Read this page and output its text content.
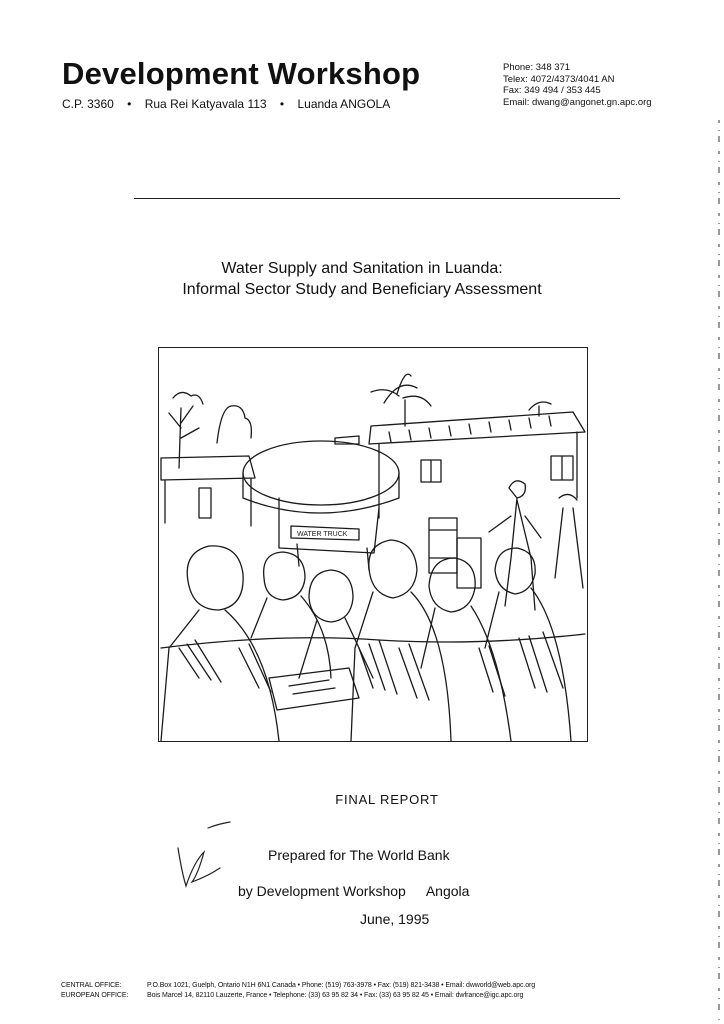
Development Workshop
C.P. 3360 • Rua Rei Katyavala 113 • Luanda ANGOLA
Phone: 348 371
Telex: 4072/4373/4041 AN
Fax: 349 494 / 353 445
Email: dwang@angonet.gn.apc.org
Water Supply and Sanitation in Luanda:
Informal Sector Study and Beneficiary Assessment
WATER TRUCK
FINAL REPORT
Prepared for The World Bank
by Development Workshop Angola
June, 1995
CENTRAL OFFICE:	P.O.Box 1021, Guelph, Ontario N1H 6N1 Canada • Phone: (519) 763-3978 • Fax: (519) 821-3438 • Email: dwworld@web.apc.org
EUROPEAN OFFICE:	Bois Marcel 14, 82110 Lauzerte, France • Telephone: (33) 63 95 82 34 • Fax: (33) 63 95 82 45 • Email: dwfrance@igc.apc.org
